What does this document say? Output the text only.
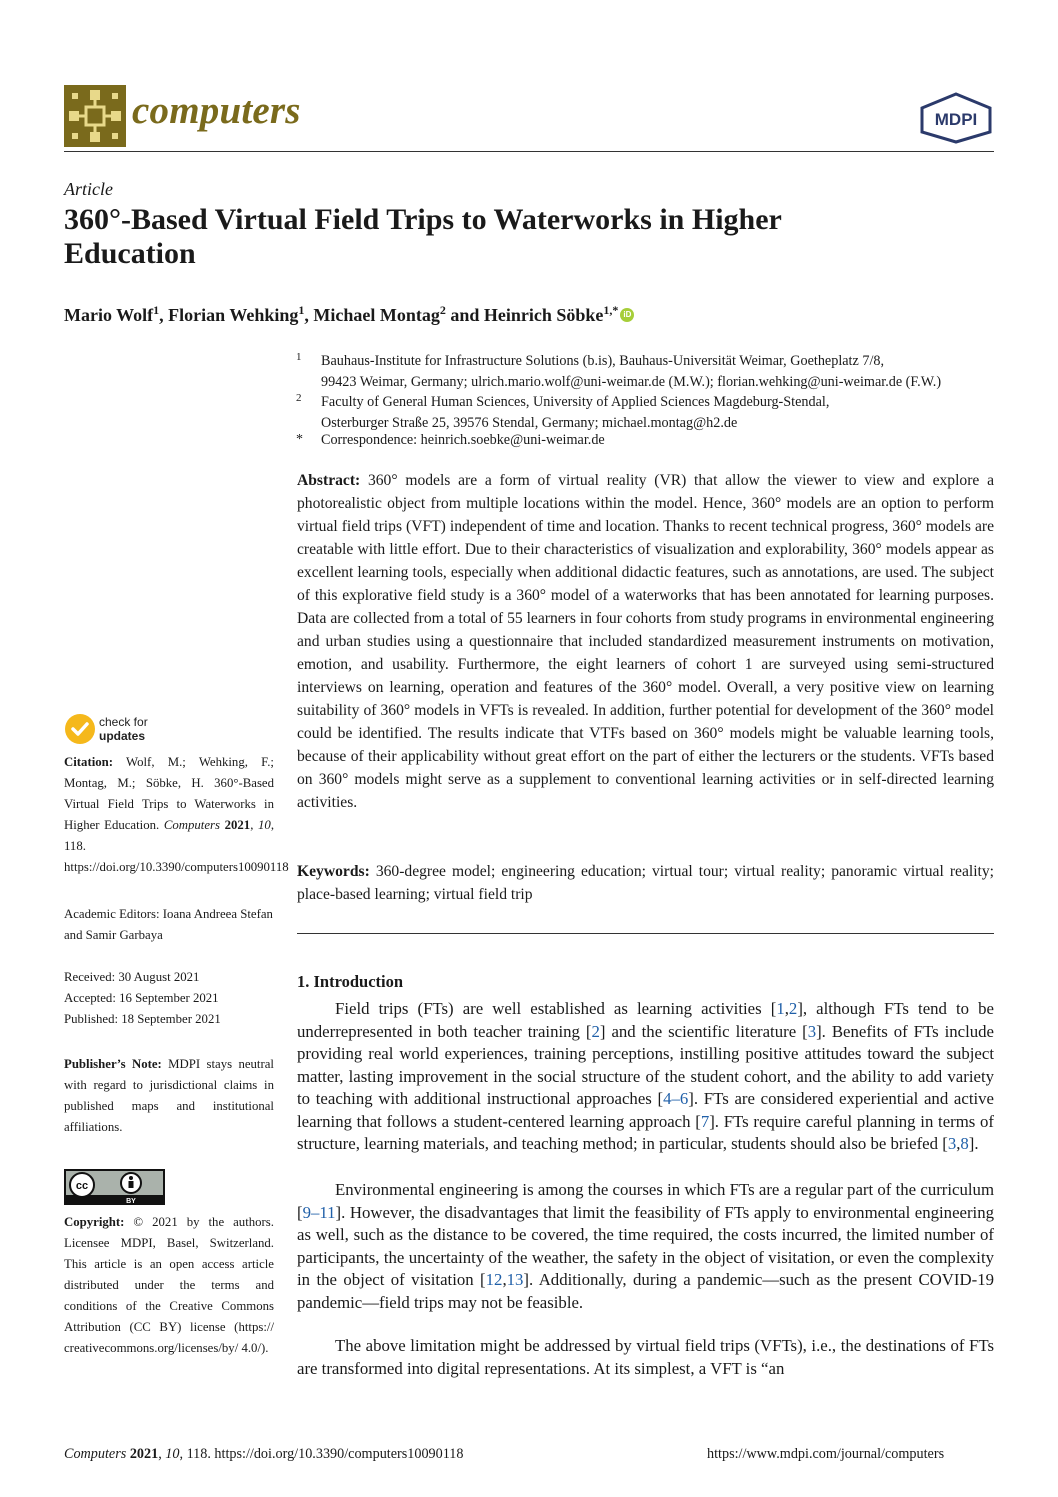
computers	MDPI
Article
360°-Based Virtual Field Trips to Waterworks in Higher Education
Mario Wolf$^1$, Florian Wehking$^1$, Michael Montag$^2$ and Heinrich Söbke$^{1,*}$ iD
1 Bauhaus-Institute for Infrastructure Solutions (b.is), Bauhaus-Universität Weimar, Goetheplatz 7/8,
99423 Weimar, Germany; ulrich.mario.wolf@uni-weimar.de (M.W.); florian.wehking@uni-weimar.de (F.W.)
2 Faculty of General Human Sciences, University of Applied Sciences Magdeburg-Stendal,
Osterburger Straße 25, 39576 Stendal, Germany; michael.montag@h2.de
* Correspondence: heinrich.soebke@uni-weimar.de
Abstract: 360° models are a form of virtual reality (VR) that allow the viewer to view and explore a photorealistic object from multiple locations within the model. Hence, 360° models are an option to perform virtual field trips (VFT) independent of time and location. Thanks to recent technical progress, 360° models are creatable with little effort. Due to their characteristics of visualization and explorability, 360° models appear as excellent learning tools, especially when additional didactic features, such as annotations, are used. The subject of this explorative field study is a 360° model of a waterworks that has been annotated for learning purposes. Data are collected from a total of 55 learners in four cohorts from study programs in environmental engineering and urban studies using a questionnaire that included standardized measurement instruments on motivation, emotion, and usability. Furthermore, the eight learners of cohort 1 are surveyed using semi-structured interviews on learning, operation and features of the 360° model. Overall, a very positive view on learning suitability of 360° models in VFTs is revealed. In addition, further potential for development of the 360° model could be identified. The results indicate that VTFs based on 360° models might be valuable learning tools, because of their applicability without great effort on the part of either the lecturers or the students. VFTs based on 360° models might serve as a supplement to conventional learning activities or in self-directed learning activities.
Keywords: 360-degree model; engineering education; virtual tour; virtual reality; panoramic virtual reality; place-based learning; virtual field trip
1. Introduction
Field trips (FTs) are well established as learning activities [1,2], although FTs tend to be underrepresented in both teacher training [2] and the scientific literature [3]. Benefits of FTs include providing real world experiences, training perceptions, instilling positive attitudes toward the subject matter, lasting improvement in the social structure of the student cohort, and the ability to add variety to teaching with additional instructional approaches [4–6]. FTs are considered experiential and active learning that follows a student-centered learning approach [7]. FTs require careful planning in terms of structure, learning materials, and teaching method; in particular, students should also be briefed [3,8].
Environmental engineering is among the courses in which FTs are a regular part of the curriculum [9–11]. However, the disadvantages that limit the feasibility of FTs apply to environmental engineering as well, such as the distance to be covered, the time required, the costs incurred, the limited number of participants, the uncertainty of the weather, the safety in the object of visitation, or even the complexity in the object of visitation [12,13]. Additionally, during a pandemic—such as the present COVID-19 pandemic—field trips may not be feasible.
The above limitation might be addressed by virtual field trips (VFTs), i.e., the destinations of FTs are transformed into digital representations. At its simplest, a VFT is “an
check for
updates
Citation: Wolf, M.; Wehking, F.; Montag, M.; Söbke, H. 360°-Based Virtual Field Trips to Waterworks in Higher Education. Computers 2021, 10, 118. https://doi.org/10.3390/computers10090118
Academic Editors: Ioana Andreea Stefan and Samir Garbaya
Received: 30 August 2021
Accepted: 16 September 2021
Published: 18 September 2021
Publisher’s Note: MDPI stays neutral with regard to jurisdictional claims in published maps and institutional affiliations.
cc
BY
Copyright: © 2021 by the authors. Licensee MDPI, Basel, Switzerland. This article is an open access article distributed under the terms and conditions of the Creative Commons Attribution (CC BY) license (https:// creativecommons.org/licenses/by/ 4.0/).
Computers 2021, 10, 118. https://doi.org/10.3390/computers10090118	https://www.mdpi.com/journal/computers
